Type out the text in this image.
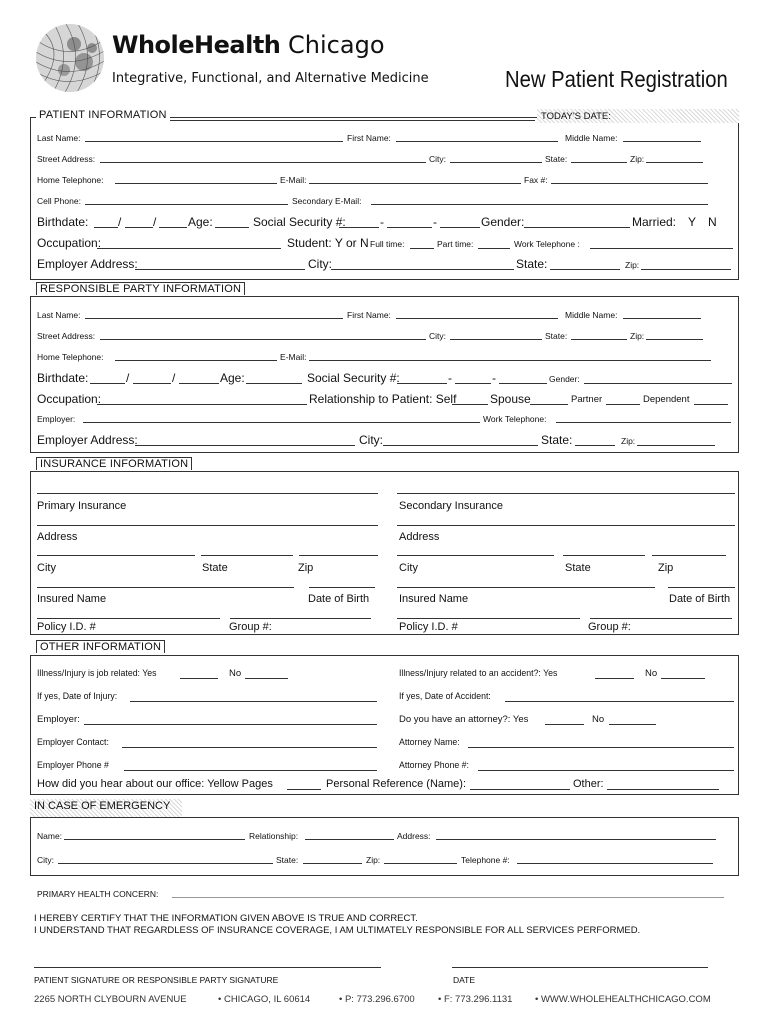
WholeHealth Chicago
Integrative, Functional, and Alternative Medicine	New Patient Registration
PATIENT INFORMATION	TODAY'S DATE:
Last Name:	First Name:	Middle Name:
Street Address:	City:	State:	Zip:
Home Telephone:	E-Mail:	Fax #:
Cell Phone:	Secondary E-Mail:
Birthdate: /	/	Age:	Social Security #:	-	-	Gender:	Married: Y N
Occupation:	Student: Y or N Full time:	Part time:	Work Telephone :
Employer Address:	City:	State:	Zip:
RESPONSIBLE PARTY INFORMATION
Last Name:	First Name:	Middle Name:
Street Address:	City:	State:	Zip:
Home Telephone:	E-Mail:
Birthdate:	/	/	Age:	Social Security #:	-	-	Gender:
Occupation:	Relationship to Patient: Self	Spouse	Partner	Dependent
Employer:	Work Telephone:
Employer Address:	City:	State:	Zip:
INSURANCE INFORMATION
Primary Insurance	Secondary Insurance
Address	Address
City	State	Zip	City	State	Zip
Insured Name	Date of Birth	Insured Name	Date of Birth
Policy I.D. #	Group #:	Policy I.D. #	Group #:
OTHER INFORMATION
Illness/Injury is job related: Yes	No	Illness/Injury related to an accident?: Yes	No
If yes, Date of Injury:	If yes, Date of Accident:
Employer:	Do you have an attorney?: Yes	No
Employer Contact:	Attorney Name:
Employer Phone #	Attorney Phone #:
How did you hear about our office: Yellow Pages	Personal Reference (Name):	Other:
IN CASE OF EMERGENCY
Name:	Relationship:	Address:
City:	State:	Zip:	Telephone #:
PRIMARY HEALTH CONCERN:
I HEREBY CERTIFY THAT THE INFORMATION GIVEN ABOVE IS TRUE AND CORRECT.
I UNDERSTAND THAT REGARDLESS OF INSURANCE COVERAGE, I AM ULTIMATELY RESPONSIBLE FOR ALL SERVICES PERFORMED.
PATIENT SIGNATURE OR RESPONSIBLE PARTY SIGNATURE	DATE
2265 NORTH CLYBOURN AVENUE	• CHICAGO, IL 60614	• P: 773.296.6700 • F: 773.296.1131 • WWW.WHOLEHEALTHCHICAGO.COM
